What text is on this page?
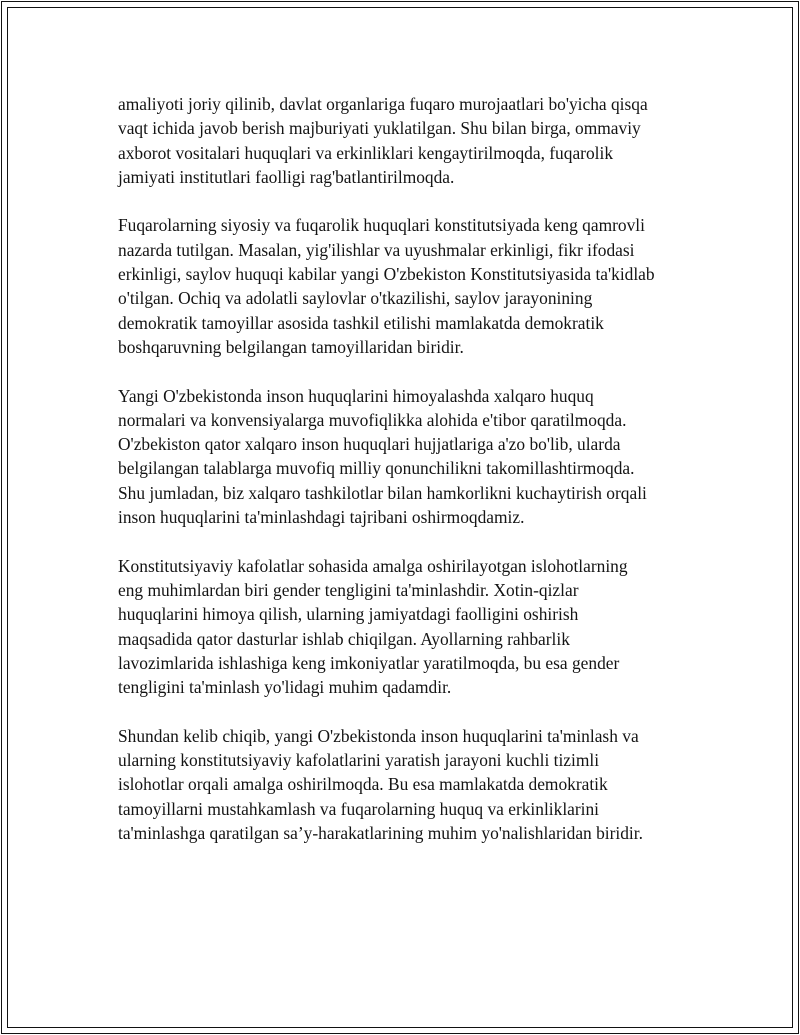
amaliyoti joriy qilinib, davlat organlariga fuqaro murojaatlari bo'yicha qisqa
vaqt ichida javob berish majburiyati yuklatilgan. Shu bilan birga, ommaviy
axborot vositalari huquqlari va erkinliklari kengaytirilmoqda, fuqarolik
jamiyati institutlari faolligi rag'batlantirilmoqda.

Fuqarolarning siyosiy va fuqarolik huquqlari konstitutsiyada keng qamrovli
nazarda tutilgan. Masalan, yig'ilishlar va uyushmalar erkinligi, fikr ifodasi
erkinligi, saylov huquqi kabilar yangi O'zbekiston Konstitutsiyasida ta'kidlab
o'tilgan. Ochiq va adolatli saylovlar o'tkazilishi, saylov jarayonining
demokratik tamoyillar asosida tashkil etilishi mamlakatda demokratik
boshqaruvning belgilangan tamoyillaridan biridir.

Yangi O'zbekistonda inson huquqlarini himoyalashda xalqaro huquq
normalari va konvensiyalarga muvofiqlikka alohida e'tibor qaratilmoqda.
O'zbekiston qator xalqaro inson huquqlari hujjatlariga a'zo bo'lib, ularda
belgilangan talablarga muvofiq milliy qonunchilikni takomillashtirmoqda.
Shu jumladan, biz xalqaro tashkilotlar bilan hamkorlikni kuchaytirish orqali
inson huquqlarini ta'minlashdagi tajribani oshirmoqdamiz.

Konstitutsiyaviy kafolatlar sohasida amalga oshirilayotgan islohotlarning
eng muhimlardan biri gender tengligini ta'minlashdir. Xotin-qizlar
huquqlarini himoya qilish, ularning jamiyatdagi faolligini oshirish
maqsadida qator dasturlar ishlab chiqilgan. Ayollarning rahbarlik
lavozimlarida ishlashiga keng imkoniyatlar yaratilmoqda, bu esa gender
tengligini ta'minlash yo'lidagi muhim qadamdir.

Shundan kelib chiqib, yangi O'zbekistonda inson huquqlarini ta'minlash va
ularning konstitutsiyaviy kafolatlarini yaratish jarayoni kuchli tizimli
islohotlar orqali amalga oshirilmoqda. Bu esa mamlakatda demokratik
tamoyillarni mustahkamlash va fuqarolarning huquq va erkinliklarini
ta'minlashga qaratilgan sa’y-harakatlarining muhim yo'nalishlaridan biridir.
